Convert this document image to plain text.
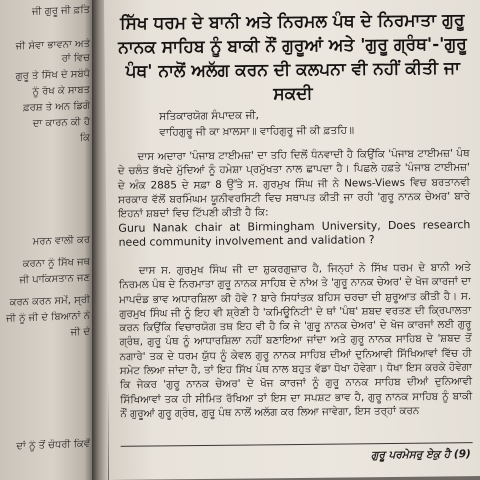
ਜੀ ਗੁਰੂ ਜੀ ਫ਼ਤਿ
ਜੀ ਸੇਵਾ ਭਾਵਨਾ ਅਤੇ
ਰਾਂ ਵਿਚ
ਗੁਰੂ ਤੇ ਸਿੱਖ ਦੇ ਸਬੰਧੋ
ਨੂੰ ਰੱਖ ਕੇ ਸਾਬਤ
ਫ਼ਰਸ਼ ਤੇ ਅਨ ਡਿਗੋ
ਦਾ ਕਾਰਨ ਕੀ ਹੈ
ਕਿ
ਮਰਨ ਵਾਲੀ ਕਰ
ਕਰਨਾ ਨੂੰ ਸਿੱਖ ਜਥ
ਜੀ ਪਾਕਿਸਤਾਨ ਜਣ
ਕਰਨ ਕਰਨ ਸਮੇਂ, ਸ੍ਰੀ
ਜੀ ਨੂੰ ਜੀ ਦੇ ਬਿਆਨਾਂ ਨੇ
ਜੀ ਦੇ
ਦਾਂ ਨੂੰ ਤੋਂ ਚੌਧਰੀ ਕਿਵੇਂ
ਸਿੱਖ ਧਰਮ ਦੇ ਬਾਨੀ ਅਤੇ ਨਿਰਮਲ ਪੰਥ ਦੇ ਨਿਰਮਾਤਾ ਗੁਰੂ ਨਾਨਕ ਸਾਹਿਬ ਨੂੰ ਬਾਕੀ ਨੌਂ ਗੁਰੂਆਂ ਅਤੇ 'ਗੁਰੂ ਗ੍ਰੰਥ'-'ਗੁਰੂ ਪੰਥ' ਨਾਲੋਂ ਅਲੱਗ ਕਰਨ ਦੀ ਕਲਪਨਾ ਵੀ ਨਹੀਂ ਕੀਤੀ ਜਾ ਸਕਦੀ
ਸਤਿਕਾਰਯੋਗ ਸੰਪਾਦਕ ਜੀ,
ਵਾਹਿਗੁਰੂ ਜੀ ਕਾ ਖ਼ਾਲਸਾ॥ ਵਾਹਿਗੁਰੂ ਜੀ ਕੀ ਫ਼ਤਹਿ॥
ਦਾਸ ਅਦਾਰਾ 'ਪੰਜਾਬ ਟਾਈਮਜ਼' ਦਾ ਤਹਿ ਦਿਲੋਂ ਧੰਨਵਾਦੀ ਹੈ ਕਿਉਂਕਿ 'ਪੰਜਾਬ ਟਾਈਮਜ਼' ਪੰਥ ਦੇ ਚਲੰਤ ਭੱਖਦੇ ਮੁੱਦਿਆਂ ਨੂੰ ਹਮੇਸ਼ਾ ਪ੍ਰਮੁੱਖਤਾ ਨਾਲ ਛਾਪਦਾ ਹੈ। ਪਿਛਲੇ ਹਫ਼ਤੇ 'ਪੰਜਾਬ ਟਾਈਮਜ਼' ਦੇ ਅੰਕ 2885 ਦੇ ਸਫ਼ਾ 8 ਉੱਤੇ ਸ. ਗੁਰਮੁਖ ਸਿੰਘ ਜੀ ਨੇ News-Views ਵਿਚ ਬਰਤਾਨਵੀ ਸਰਕਾਰ ਵੱਲੋਂ ਬਰਮਿੰਘਮ ਯੂਨੀਵਰਸਿਟੀ ਵਿਚ ਸਥਾਪਤ ਕੀਤੀ ਜਾ ਰਹੀ 'ਗੁਰੂ ਨਾਨਕ ਚੇਅਰ' ਬਾਰੇ ਇਹਨਾਂ ਸ਼ਬਦਾਂ ਵਿਚ ਟਿੱਪਣੀ ਕੀਤੀ ਹੈ ਕਿ:
Guru Nanak chair at Birmingham University, Does research need community involvement and validation ?
ਦਾਸ ਸ. ਗੁਰਮੁਖ ਸਿੰਘ ਜੀ ਦਾ ਸ਼ੁਕਰਗੁਜ਼ਾਰ ਹੈ, ਜਿਨ੍ਹਾਂ ਨੇ ਸਿੱਖ ਧਰਮ ਦੇ ਬਾਨੀ ਅਤੇ ਨਿਰਮਲ ਪੰਥ ਦੇ ਨਿਰਮਾਤਾ ਗੁਰੂ ਨਾਨਕ ਸਾਹਿਬ ਦੇ ਨਾਂਅ ਤੇ 'ਗੁਰੂ ਨਾਨਕ ਚੇਅਰ' ਦੇ ਖੋਜ ਕਾਰਜਾਂ ਦਾ ਮਾਪਦੰਡ ਭਾਵ ਅਧਾਰਸ਼ਿਲਾ ਕੀ ਹੋਵੇ ? ਬਾਰੇ ਸਿਧਾਂਤਕ ਬਹਿਸ ਚਰਚਾ ਦੀ ਸ਼ੁਰੂਆਤ ਕੀਤੀ ਹੈ। ਸ. ਗੁਰਮੁਖ ਸਿੰਘ ਜੀ ਨੂੰ ਇਹ ਵੀ ਸ਼੍ਰੇਣੀ ਹੈ 'ਕਮਿਊਨਿਟੀ' ਦੇ ਥਾਂ 'ਪੰਥ' ਸ਼ਬਦ ਵਰਤਣ ਦੀ ਕ੍ਰਿਪਾਲਤਾ ਕਰਨ ਕਿਉਂਕਿ ਵਿਚਾਰਯੋਗ ਤਥ ਇਹ ਵੀ ਹੈ ਕਿ ਜੇ 'ਗੁਰੂ ਨਾਨਕ ਚੇਅਰ' ਦੇ ਖੋਜ ਕਾਰਜਾਂ ਲਈ ਗੁਰੂ ਗ੍ਰੰਥ, ਗੁਰੂ ਪੰਥ ਨੂੰ ਆਧਾਰਸ਼ਿਲਾ ਨਹੀਂ ਬਣਾਇਆ ਜਾਂਦਾ ਅਤੇ ਗੁਰੂ ਨਾਨਕ ਸਾਹਿਬ ਦੇ 'ਸ਼ਬਦ ਤੋਂ ਨਗਾਰੇ' ਤਕ ਦੇ ਧਰਮ ਯੁੱਧ ਨੂੰ ਕੇਵਲ ਗੁਰੂ ਨਾਨਕ ਸਾਹਿਬ ਦੀਆਂ ਦੁਨਿਆਵੀ ਸਿੱਖਿਆਵਾਂ ਵਿੱਚ ਹੀ ਸਮੇਟ ਲਿਆ ਜਾਂਦਾ ਹੈ, ਤਾਂ ਇਹ ਸਿੱਖ ਪੰਥ ਨਾਲ ਬਹੁਤ ਵੱਡਾ ਧੋਖਾ ਹੋਵੇਗਾ। ਧੋਖਾ ਇਸ ਕਰਕੇ ਹੋਵੇਗਾ ਕਿ ਜੇਕਰ 'ਗੁਰੂ ਨਾਨਕ ਚੇਅਰ' ਦੇ ਖੋਜ ਕਾਰਜਾਂ ਨੂੰ ਗੁਰੂ ਨਾਨਕ ਸਾਹਿਬ ਦੀਆਂ ਦੁਨਿਆਵੀ ਸਿੱਖਿਆਵਾਂ ਤਕ ਹੀ ਸੀਮਿਤ ਰੱਖਿਆ ਤਾਂ ਇਸ ਦਾ ਸਪਸ਼ਟ ਭਾਵ ਹੈ, ਗੁਰੂ ਨਾਨਕ ਸਾਹਿਬ ਨੂੰ ਬਾਕੀ ਨੌਂ ਗੁਰੂਆਂ ਗੁਰੂ ਗ੍ਰੰਥ, ਗੁਰੂ ਪੰਥ ਨਾਲੋਂ ਅਲੱਗ ਕਰ ਲਿਆ ਜਾਵੇਗਾ, ਇਸ ਤਰ੍ਹਾਂ ਕਰਨ
ਗੁਰੂ ਪਰਮੇਸਰੁ ਏਕੁ ਹੈ (9)
